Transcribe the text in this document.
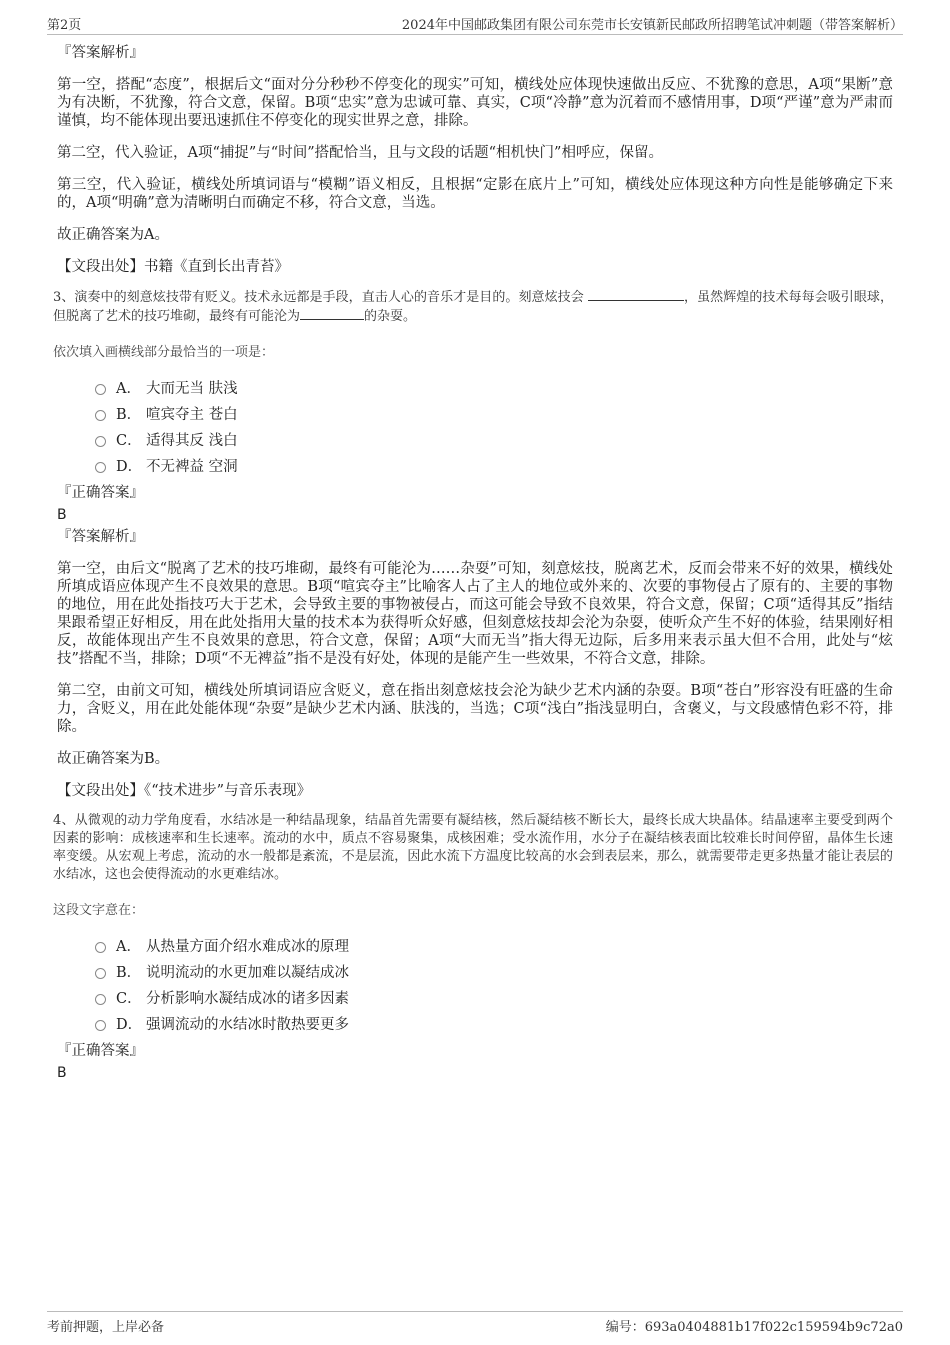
第2页	2024年中国邮政集团有限公司东莞市长安镇新民邮政所招聘笔试冲刺题（带答案解析）
『答案解析』

第一空，搭配“态度”，根据后文“面对分分秒秒不停变化的现实”可知，横线处应体现快速做出反应、不犹豫的意思，A项“果断”意为有决断，不犹豫，符合文意，保留。B项“忠实”意为忠诚可靠、真实，C项“冷静”意为沉着而不感情用事，D项“严谨”意为严肃而谨慎，均不能体现出要迅速抓住不停变化的现实世界之意，排除。

第二空，代入验证，A项“捕捉”与“时间”搭配恰当，且与文段的话题“相机快门”相呼应，保留。

第三空，代入验证，横线处所填词语与“模糊”语义相反，且根据“定影在底片上”可知，横线处应体现这种方向性是能够确定下来的，A项“明确”意为清晰明白而确定不移，符合文意，当选。

故正确答案为A。

【文段出处】书籍《直到长出青苔》

3、演奏中的刻意炫技带有贬义。技术永远都是手段，直击人心的音乐才是目的。刻意炫技会	，虽然辉煌的技术每每会吸引眼球，但脱离了艺术的技巧堆砌，最终有可能沦为	的杂耍。

依次填入画横线部分最恰当的一项是：

A． 大而无当 肤浅
B． 喧宾夺主 苍白
C． 适得其反 浅白
D． 不无裨益 空洞
『正确答案』
B
『答案解析』

第一空，由后文“脱离了艺术的技巧堆砌，最终有可能沦为……杂耍”可知，刻意炫技，脱离艺术，反而会带来不好的效果，横线处所填成语应体现产生不良效果的意思。B项“喧宾夺主”比喻客人占了主人的地位或外来的、次要的事物侵占了原有的、主要的事物的地位，用在此处指技巧大于艺术，会导致主要的事物被侵占，而这可能会导致不良效果，符合文意，保留；C项“适得其反”指结果跟希望正好相反，用在此处指用大量的技术本为获得听众好感，但刻意炫技却会沦为杂耍，使听众产生不好的体验，结果刚好相反，故能体现出产生不良效果的意思，符合文意，保留；A项“大而无当”指大得无边际，后多用来表示虽大但不合用，此处与“炫技”搭配不当，排除；D项“不无裨益”指不是没有好处，体现的是能产生一些效果，不符合文意，排除。

第二空，由前文可知，横线处所填词语应含贬义，意在指出刻意炫技会沦为缺少艺术内涵的杂耍。B项“苍白”形容没有旺盛的生命力，含贬义，用在此处能体现“杂耍”是缺少艺术内涵、肤浅的，当选；C项“浅白”指浅显明白，含褒义，与文段感情色彩不符，排除。

故正确答案为B。

【文段出处】《“技术进步”与音乐表现》

4、从微观的动力学角度看，水结冰是一种结晶现象，结晶首先需要有凝结核，然后凝结核不断长大，最终长成大块晶体。结晶速率主要受到两个因素的影响：成核速率和生长速率。流动的水中，质点不容易聚集，成核困难；受水流作用，水分子在凝结核表面比较难长时间停留，晶体生长速率变缓。从宏观上考虑，流动的水一般都是紊流，不是层流，因此水流下方温度比较高的水会到表层来，那么，就需要带走更多热量才能让表层的水结冰，这也会使得流动的水更难结冰。

这段文字意在：

A． 从热量方面介绍水难成冰的原理
B． 说明流动的水更加难以凝结成冰
C． 分析影响水凝结成冰的诸多因素
D． 强调流动的水结冰时散热要更多
『正确答案』
B
考前押题，上岸必备	编号：693a0404881b17f022c159594b9c72a0
